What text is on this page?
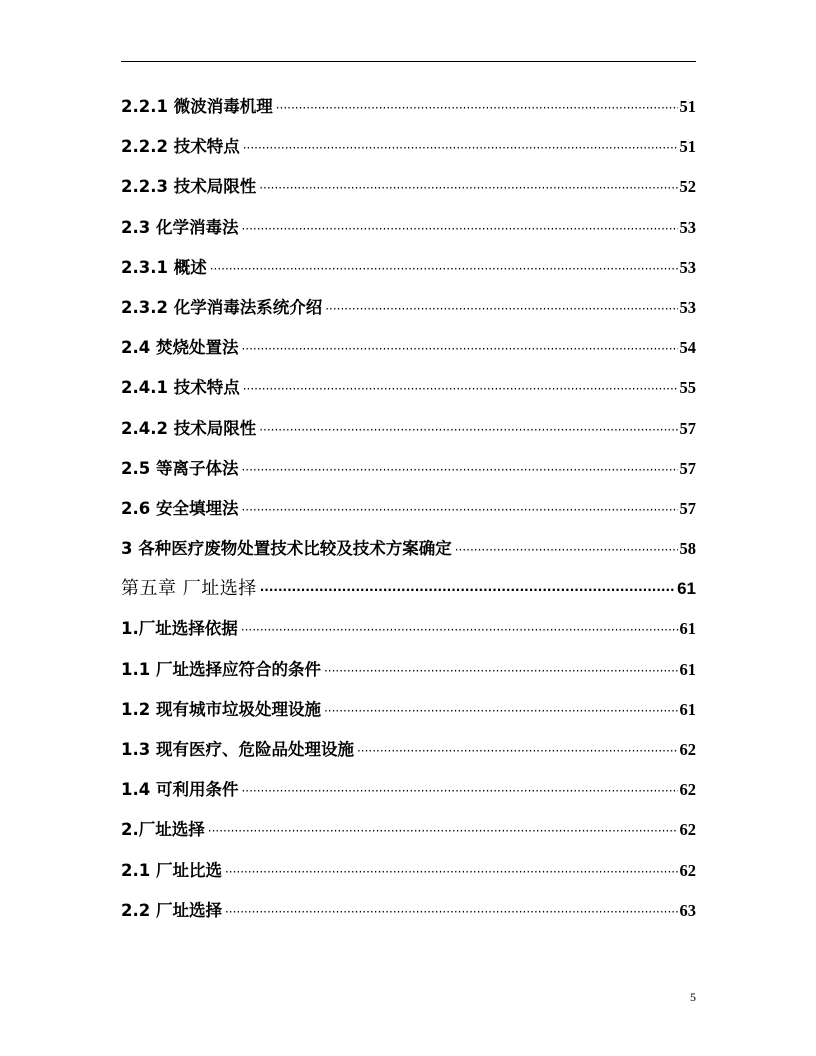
2.2.1 微波消毒机理 ·····	51
2.2.2 技术特点 ·····	51
2.2.3 技术局限性 ·····	52
2.3 化学消毒法 ·····	53
2.3.1 概述 ·····	53
2.3.2 化学消毒法系统介绍 ·····	53
2.4 焚烧处置法 ·····	54
2.4.1 技术特点 ·····	55
2.4.2 技术局限性 ·····	57
2.5 等离子体法 ·····	57
2.6 安全填埋法 ·····	57
3 各种医疗废物处置技术比较及技术方案确定 ·····	58
第五章 厂址选择 ·····	61
1.厂址选择依据 ·····	61
1.1 厂址选择应符合的条件 ·····	61
1.2 现有城市垃圾处理设施 ·····	61
1.3 现有医疗、危险品处理设施 ·····	62
1.4 可利用条件 ·····	62
2.厂址选择 ·····	62
2.1 厂址比选 ·····	62
2.2 厂址选择 ·····	63
5
